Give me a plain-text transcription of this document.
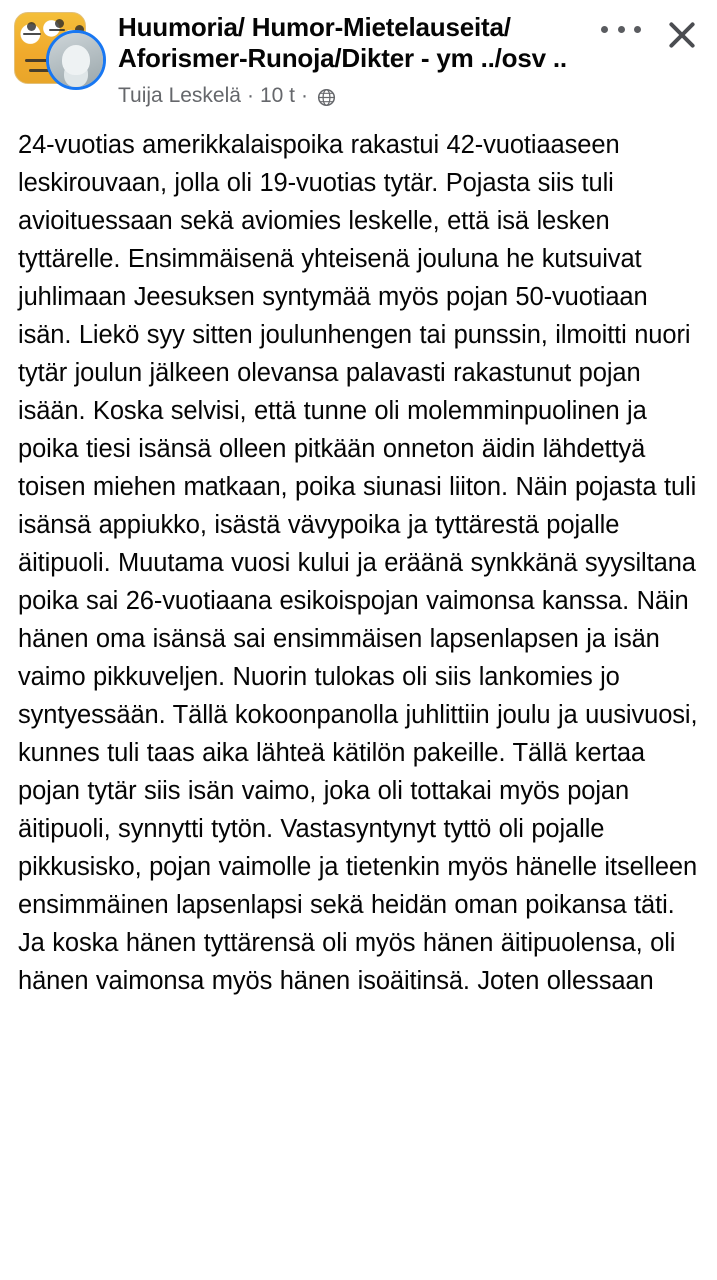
Huumoria/ Humor-Mietelauseita/ Aforismer-Runoja/Dikter - ym ../osv ..
Tuija Leskelä · 10 t ·
24-vuotias amerikkalaispoika rakastui 42-vuotiaaseen leskirouvaan, jolla oli 19-vuotias tytär. Pojasta siis tuli avioituessaan sekä aviomies leskelle, että isä lesken tyttärelle. Ensimmäisenä yhteisenä jouluna he kutsuivat juhlimaan Jeesuksen syntymää myös pojan 50-vuotiaan isän. Liekö syy sitten joulunhengen tai punssin, ilmoitti nuori tytär joulun jälkeen olevansa palavasti rakastunut pojan isään. Koska selvisi, että tunne oli molemminpuolinen ja poika tiesi isänsä olleen pitkään onneton äidin lähdettyä toisen miehen matkaan, poika siunasi liiton. Näin pojasta tuli isänsä appiukko, isästä vävypoika ja tyttärestä pojalle äitipuoli. Muutama vuosi kului ja eräänä synkkänä syysiltana poika sai 26-vuotiaana esikoispojan vaimonsa kanssa. Näin hänen oma isänsä sai ensimmäisen lapsenlapsen ja isän vaimo pikkuveljen. Nuorin tulokas oli siis lankomies jo syntyessään. Tällä kokoonpanolla juhlittiin joulu ja uusivuosi, kunnes tuli taas aika lähteä kätilön pakeille. Tällä kertaa pojan tytär siis isän vaimo, joka oli tottakai myös pojan äitipuoli, synnytti tytön. Vastasyntynyt tyttö oli pojalle pikkusisko, pojan vaimolle ja tietenkin myös hänelle itselleen ensimmäinen lapsenlapsi sekä heidän oman poikansa täti. Ja koska hänen tyttärensä oli myös hänen äitipuolensa, oli hänen vaimonsa myös hänen isoäitinsä. Joten ollessaan
